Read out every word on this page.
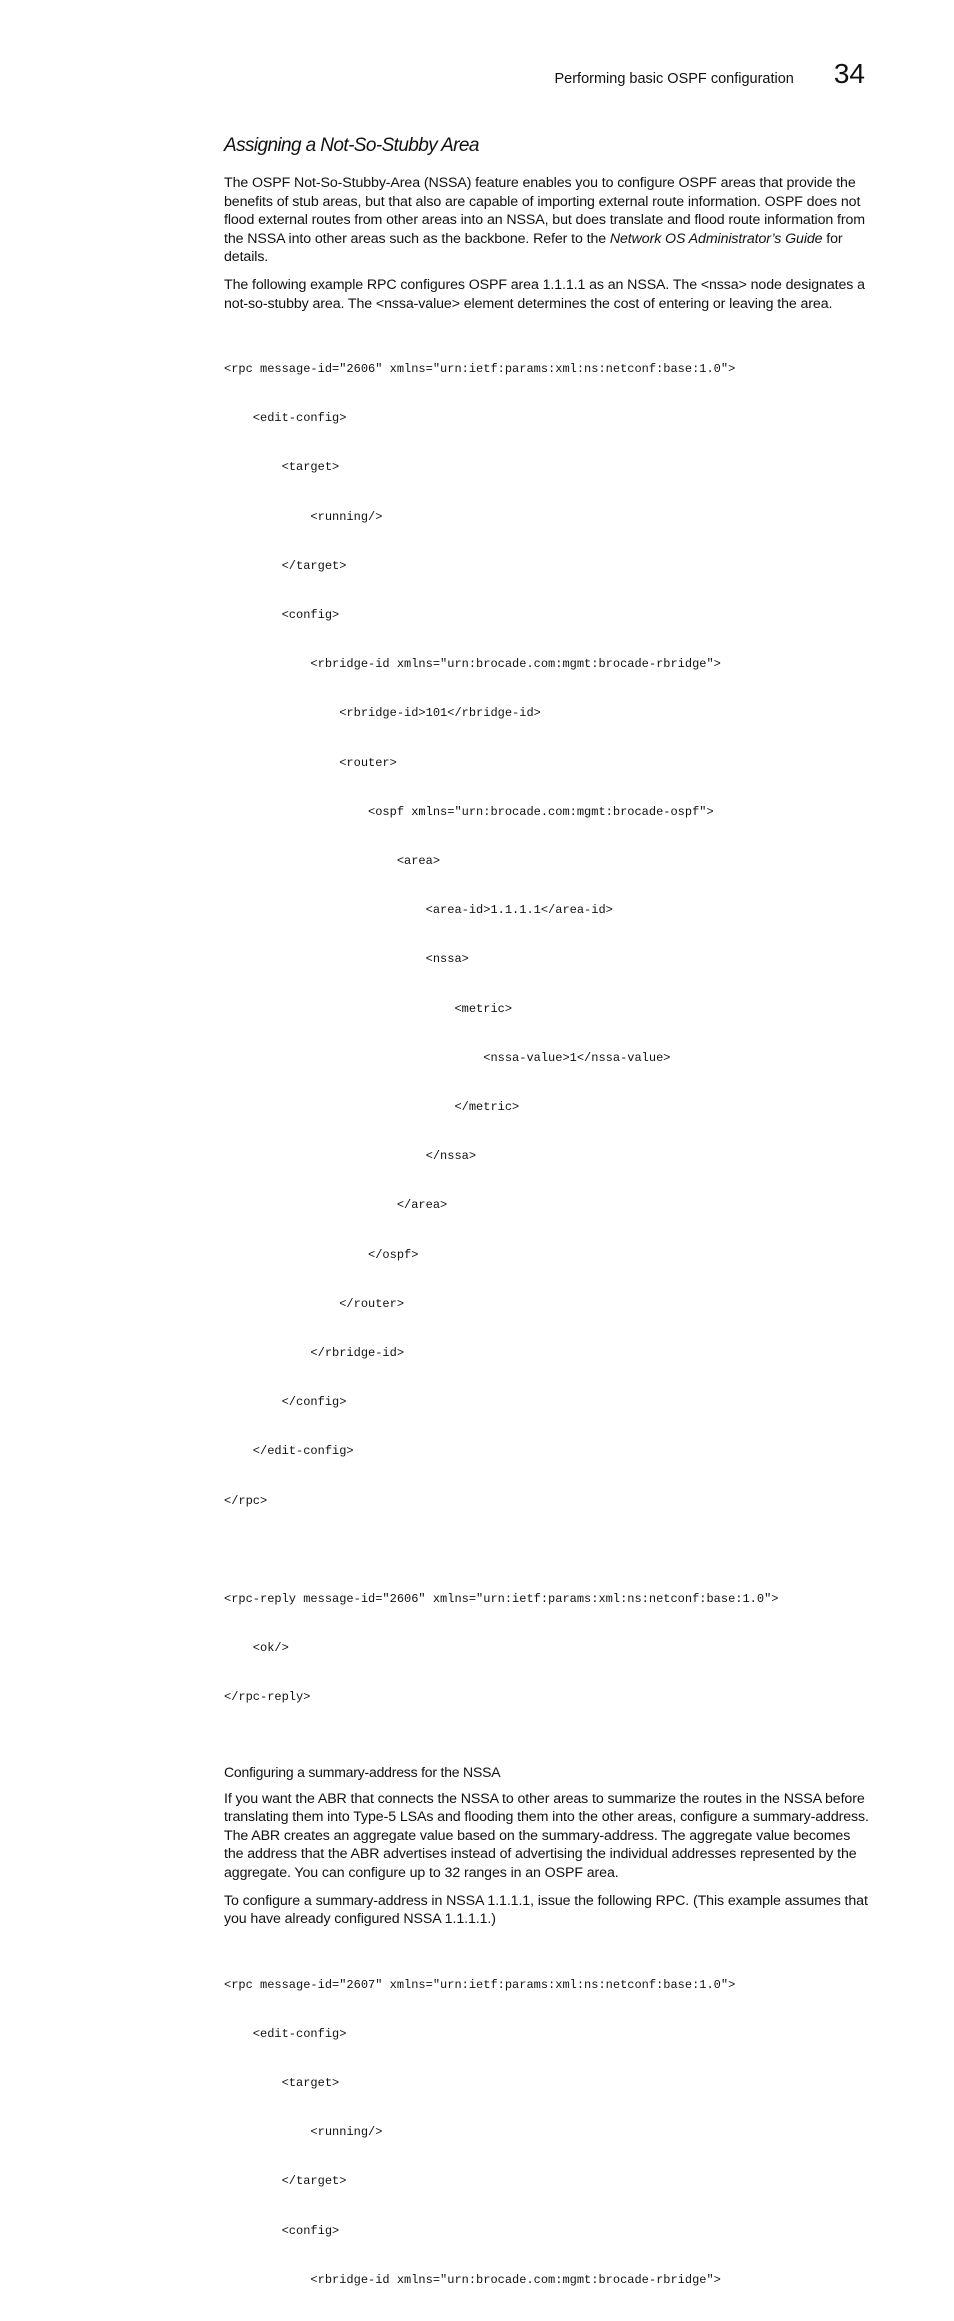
Performing basic OSPF configuration 34
Assigning a Not-So-Stubby Area

The OSPF Not-So-Stubby-Area (NSSA) feature enables you to configure OSPF areas that provide the benefits of stub areas, but that also are capable of importing external route information. OSPF does not flood external routes from other areas into an NSSA, but does translate and flood route information from the NSSA into other areas such as the backbone. Refer to the Network OS Administrator’s Guide for details.

The following example RPC configures OSPF area 1.1.1.1 as an NSSA. The <nssa> node designates a not-so-stubby area. The <nssa-value> element determines the cost of entering or leaving the area.

<rpc message-id="2606" xmlns="urn:ietf:params:xml:ns:netconf:base:1.0">

<edit-config>

<target>

<running/>

</target>

<config>

<rbridge-id xmlns="urn:brocade.com:mgmt:brocade-rbridge">

<rbridge-id>101</rbridge-id>

<router>

<ospf xmlns="urn:brocade.com:mgmt:brocade-ospf">

<area>

<area-id>1.1.1.1</area-id>

<nssa>

<metric>

<nssa-value>1</nssa-value>

</metric>

</nssa>

</area>

</ospf>

</router>

</rbridge-id>

</config>

</edit-config>

</rpc>

<rpc-reply message-id="2606" xmlns="urn:ietf:params:xml:ns:netconf:base:1.0">

<ok/>

</rpc-reply>

Configuring a summary-address for the NSSA

If you want the ABR that connects the NSSA to other areas to summarize the routes in the NSSA before translating them into Type-5 LSAs and flooding them into the other areas, configure a summary-address. The ABR creates an aggregate value based on the summary-address. The aggregate value becomes the address that the ABR advertises instead of advertising the individual addresses represented by the aggregate. You can configure up to 32 ranges in an OSPF area.

To configure a summary-address in NSSA 1.1.1.1, issue the following RPC. (This example assumes that you have already configured NSSA 1.1.1.1.)

<rpc message-id="2607" xmlns="urn:ietf:params:xml:ns:netconf:base:1.0">

<edit-config>

<target>

<running/>

</target>

<config>

<rbridge-id xmlns="urn:brocade.com:mgmt:brocade-rbridge">
